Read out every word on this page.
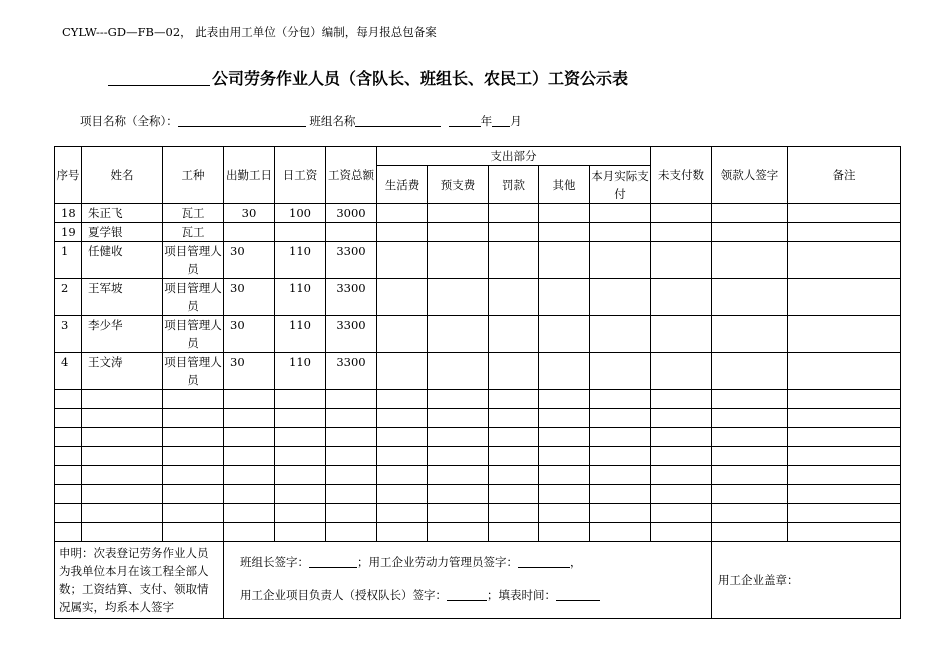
CYLW---GD—FB—02， 此表由用工单位（分包）编制，每月报总包备案
公司劳务作业人员（含队长、班组长、农民工）工资公示表
项目名称（全称）：	班组名称	年 月
序号	姓名	工种	出勤工日	日工资	工资总额	支出部分					未支付数	领款人签字	备注
						生活费	预支费	罚款	其他	本月实际支付			
18	朱正飞	瓦工	30	100	3000								
19	夏学银	瓦工											
1	任健收	项目管理人员	30	110	3300								
2	王军坡	项目管理人员	30	110	3300								
3	李少华	项目管理人员	30	110	3300								
4	王文涛	项目管理人员	30	110	3300								

申明：次表登记劳务作业人员为我单位本月在该工程全部人数；工资结算、支付、领取情况属实，均系本人签字			班组长签字： ；用工企业劳动力管理员签字： ，
用工企业项目负责人（授权队长）签字： ；填表时间：									用工企业盖章：	
